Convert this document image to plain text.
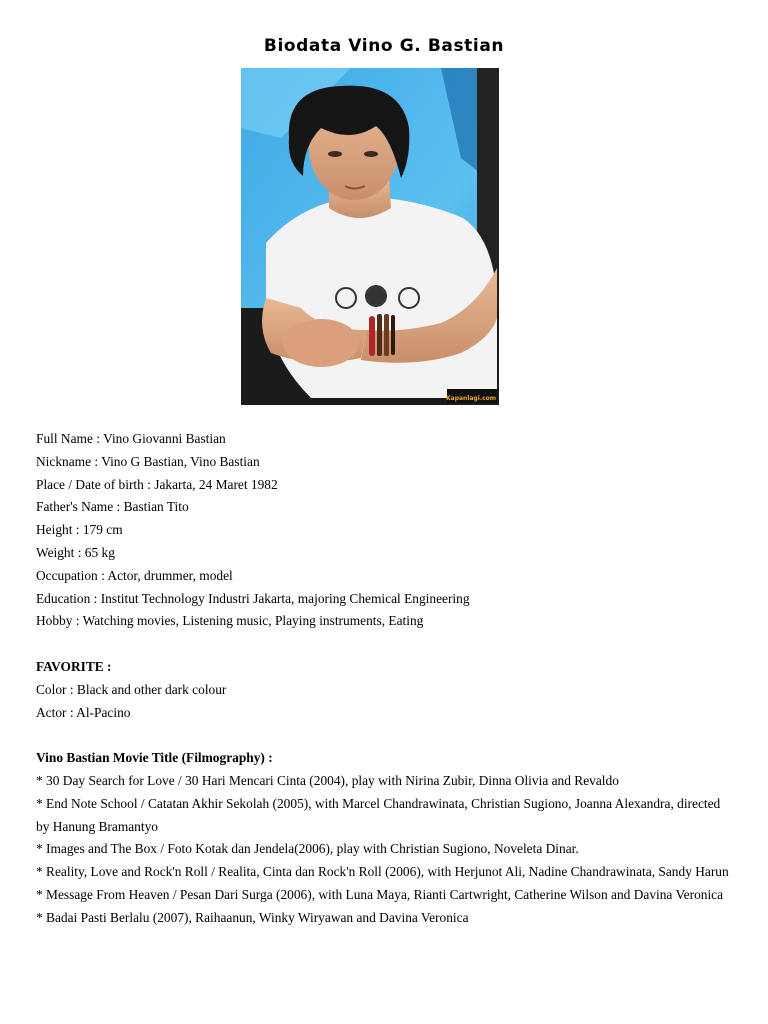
Biodata Vino G. Bastian
Kapanlagi.com

Full Name : Vino Giovanni Bastian

Nickname : Vino G Bastian, Vino Bastian

Place / Date of birth : Jakarta, 24 Maret 1982

Father's Name : Bastian Tito

Height : 179 cm

Weight : 65 kg

Occupation : Actor, drummer, model

Education : Institut Technology Industri Jakarta, majoring Chemical Engineering

Hobby : Watching movies, Listening music, Playing instruments, Eating

FAVORITE :

Color : Black and other dark colour

Actor : Al-Pacino

Vino Bastian Movie Title (Filmography) :

* 30 Day Search for Love / 30 Hari Mencari Cinta (2004), play with Nirina Zubir, Dinna Olivia and Revaldo

* End Note School / Catatan Akhir Sekolah (2005), with Marcel Chandrawinata, Christian Sugiono, Joanna Alexandra, directed by Hanung Bramantyo

* Images and The Box / Foto Kotak dan Jendela(2006), play with Christian Sugiono, Noveleta Dinar.

* Reality, Love and Rock'n Roll / Realita, Cinta dan Rock'n Roll (2006), with Herjunot Ali, Nadine Chandrawinata, Sandy Harun

* Message From Heaven / Pesan Dari Surga (2006), with Luna Maya, Rianti Cartwright, Catherine Wilson and Davina Veronica

* Badai Pasti Berlalu (2007), Raihaanun, Winky Wiryawan and Davina Veronica
